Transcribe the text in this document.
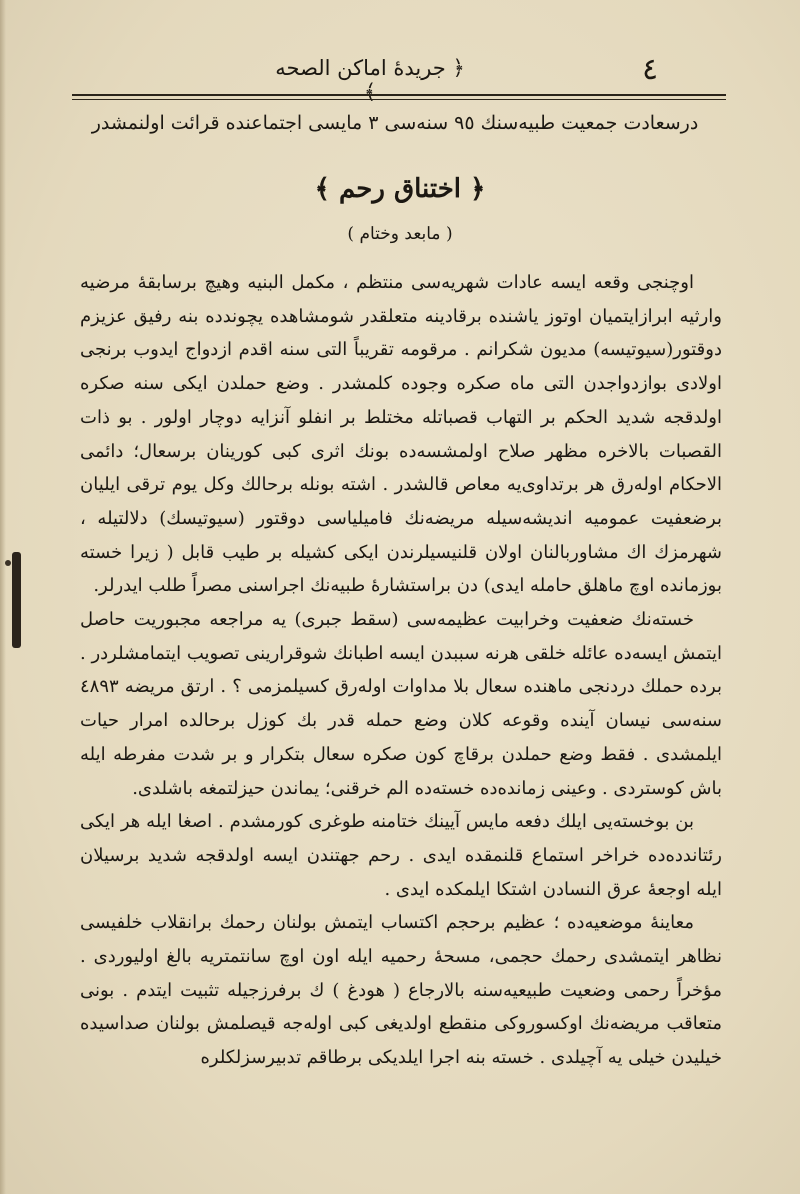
٤
﴿ جريدهٔ اماكن الصحه ﴾
درسعادت جمعیت طبیه‌سنك ٩٥ سنه‌سی ٣ مایسی اجتماعنده قرائت اولنمشدر
﴿ اختناق رحم ﴾
( مابعد وختام )

اوچنجی وقعه ایسه عادات شهریه‌سی منتظم ، مکمل البنیه وهیچ برسابقهٔ مرضیه وارثیه ابرازایتمیان اوتوز یاشنده برقادینه متعلقدر شومشاهده یچوندده بنه رفیق عزیزم دوقتور(سیوتیسه) مدیون شکرانم . مرقومه تقریباً التی سنه اقدم ازدواج ایدوب برنجی اولادی بوازدواجدن التی ماه صکره وجوده کلمشدر . وضع حملدن ایکی سنه صکره اولدقجه شدید الحکم بر التهاب قصباتله مختلط بر انفلو آنزایه دوچار اولور . بو ذات القصبات بالاخره مظهر صلاح اولمشسه‌ده بونك اثری کبی کورینان برسعال؛ دائمی الاحکام اوله‌رق هر برتداوی‌یه معاص قالشدر . اشته بونله برحالك وکل یوم ترقی ایلیان برضعفیت عمومیه اندیشه‌سیله مریضه‌نك فامیلیاسی دوقتور (سیوتیسك) دلالتیله ، شهرمزك اك مشاوربالنان اولان قلنیسیلرندن ایکی کشیله بر طیب قابل ( زیرا خسته بوزمانده اوچ ماهلق حامله ایدی) دن براستشارهٔ طبیه‌نك اجراسنی مصراً طلب ایدرلر.

خسته‌نك ضعفیت وخرابیت عظیمه‌سی (سقط جبری) یه مراجعه مجبوریت حاصل ایتمش ایسه‌ده عائله خلقی هرنه سببدن ایسه اطبانك شوقرارینی تصویب ایتمامشلردر . برده حملك دردنجی ماهنده سعال بلا مداوات اوله‌رق کسیلمزمی ؟ . ارتق مریضه ٤٨٩٣ سنه‌سی نیسان آینده وقوعه کلان وضع حمله قدر بك کوزل برحالده امرار حیات ایلمشدی . فقط وضع حملدن برقاچ کون صکره سعال بتکرار و بر شدت مفرطه ایله باش کوستردی . وعینی زمانده‌ده خسته‌ده الم خرقنی؛ یماندن حیزلتمغه باشلدی.

بن بوخسته‌یی ایلك دفعه مایس آیینك ختامنه طوغری کورمشدم . اصغا ایله هر ایکی رئتاندده‌ده خراخر استماع قلنمقده ایدی . رحم جهتندن ایسه اولدقجه شدید برسیلان ایله اوجعهٔ عرق النسادن اشتکا ایلمکده ایدی .

معاینهٔ موضعیه‌ده ؛ عظیم برحجم اکتساب ایتمش بولنان رحمك برانقلاب خلفیسی نظاهر ایتمشدی رحمك حجمی، مسحهٔ رحمیه ایله اون اوچ سانتمتریه بالغ اولیوردی . مؤخراً رحمی وضعیت طبیعیه‌سنه بالارجاع ( هودغ ) ك برفرزجیله تثبیت ایتدم . بونی متعاقب مریضه‌نك اوکسوروکی منقطع اولدیغی کبی اوله‌جه قیصلمش بولنان صداسیده خیلیدن خیلی یه آچیلدی . خسته بنه اجرا ایلدیکی برطاقم تدبیرسزلکلره
